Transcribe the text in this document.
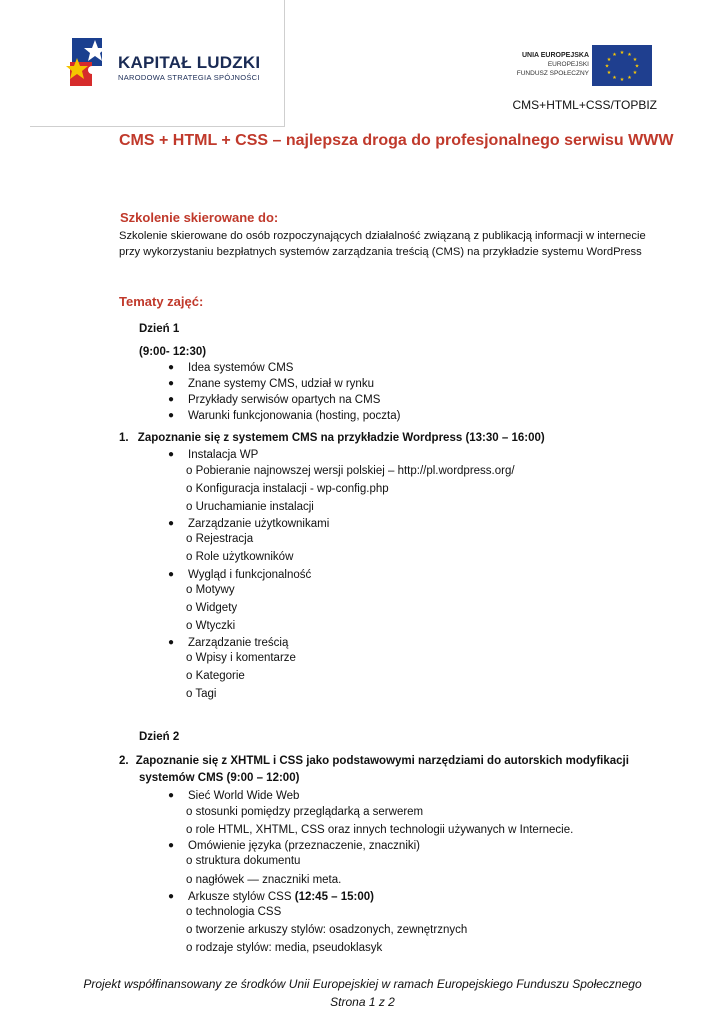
KAPITAŁ LUDZKI
NARODOWA STRATEGIA SPÓJNOŚCI
UNIA EUROPEJSKA
EUROPEJSKI
FUNDUSZ SPOŁECZNY
★ ★
★
★
★
★
★
★
★
★
★
★
CMS+HTML+CSS/TOPBIZ
CMS + HTML + CSS – najlepsza droga do profesjonalnego serwisu WWW
Szkolenie skierowane do:
Szkolenie skierowane do osób rozpoczynających działalność związaną z publikacją informacji w internecie
przy wykorzystaniu bezpłatnych systemów zarządzania treścią (CMS) na przykładzie systemu WordPress
Tematy zajęć:
Dzień 1
(9:00- 12:30)
● Idea systemów CMS
● Znane systemy CMS, udział w rynku
● Przykłady serwisów opartych na CMS
● Warunki funkcjonowania (hosting, poczta)
1. Zapoznanie się z systemem CMS na przykładzie Wordpress (13:30 – 16:00)
● Instalacja WP
o Pobieranie najnowszej wersji polskiej – http://pl.wordpress.org/
o Konfiguracja instalacji - wp-config.php
o Uruchamianie instalacji
● Zarządzanie użytkownikami
o Rejestracja
o Role użytkowników
● Wygląd i funkcjonalność
o Motywy
o Widgety
o Wtyczki
● Zarządzanie treścią
o Wpisy i komentarze
o Kategorie
o Tagi
Dzień 2
2. Zapoznanie się z XHTML i CSS jako podstawowymi narzędziami do autorskich modyfikacji
systemów CMS (9:00 – 12:00)
● Sieć World Wide Web
o stosunki pomiędzy przeglądarką a serwerem
o role HTML, XHTML, CSS oraz innych technologii używanych w Internecie.
● Omówienie języka (przeznaczenie, znaczniki)
o struktura dokumentu
o nagłówek — znaczniki meta.
● Arkusze stylów CSS (12:45 – 15:00)
o technologia CSS
o tworzenie arkuszy stylów: osadzonych, zewnętrznych
o rodzaje stylów: media, pseudoklasyk
Projekt współfinansowany ze środków Unii Europejskiej w ramach Europejskiego Funduszu Społecznego
Strona 1 z 2
